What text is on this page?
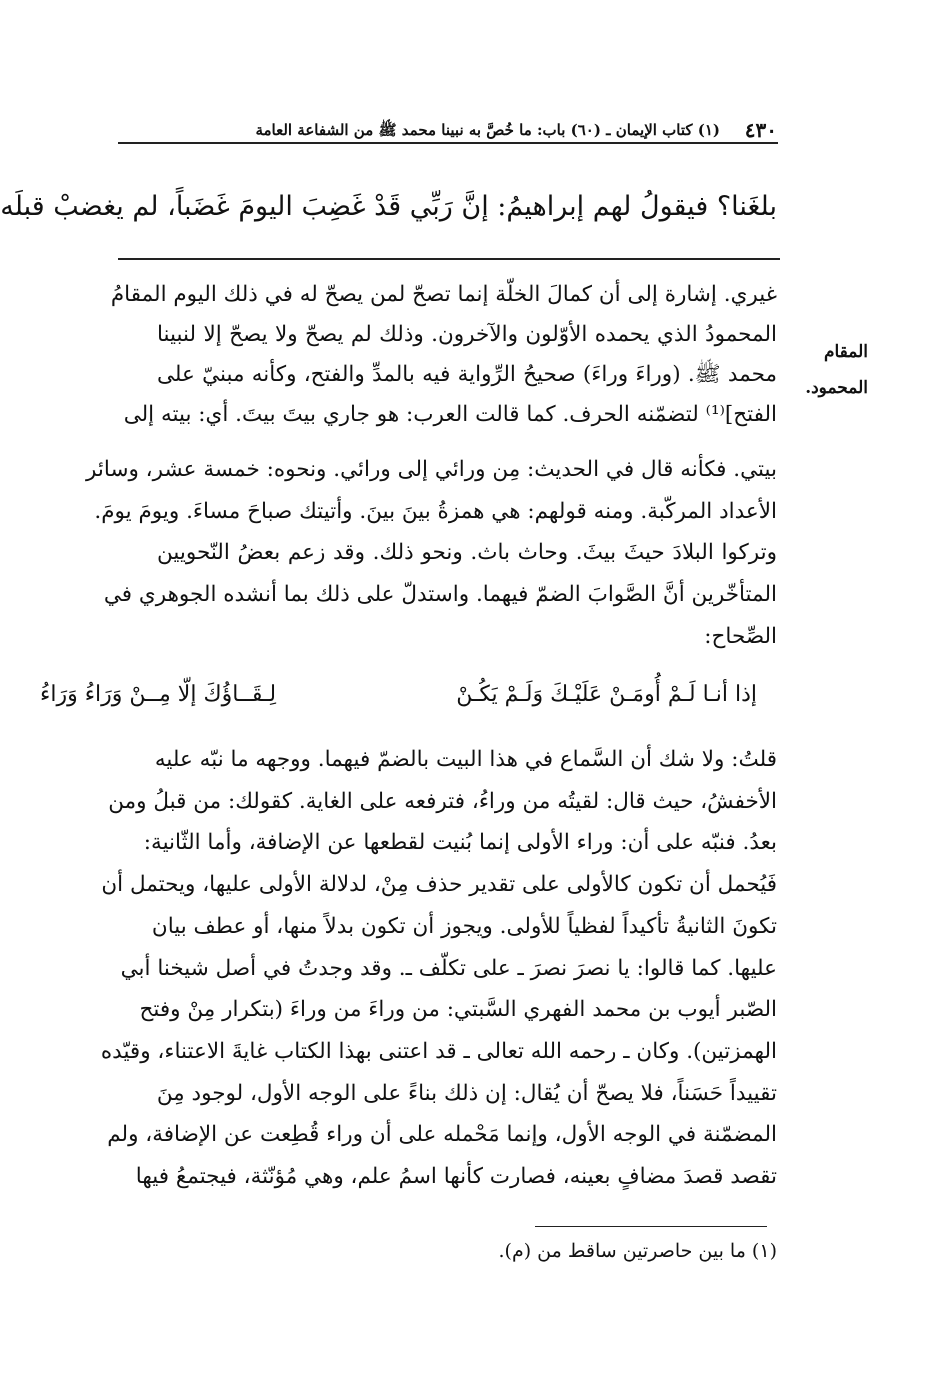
٤٣٠
(١) كتاب الإيمان ـ (٦٠) باب: ما خُصَّ به نبينا محمد ﷺ من الشفاعة العامة
بلغَنا؟ فيقولُ لهم إبراهيمُ: إنَّ رَبِّي قَدْ غَضِبَ اليومَ غَضَباً، لم يغضبْ قبلَه
غيري. إشارة إلى أن كمالَ الخلّة إنما تصحّ لمن يصحّ له في ذلك اليوم المقامُ
المحمودُ الذي يحمده الأوّلون والآخرون. وذلك لم يصحّ ولا يصحّ إلا لنبينا
محمد ﷺ. (وراءَ وراءَ) صحيحُ الرِّواية فيه بالمدِّ والفتح، وكأنه مبنيّ على
الفتح]⁽¹⁾ لتضمّنه الحرف. كما قالت العرب: هو جاري بيتَ بيتَ. أي: بيته إلى
بيتي. فكأنه قال في الحديث: مِن ورائي إلى ورائي. ونحوه: خمسة عشر، وسائر
الأعداد المركّبة. ومنه قولهم: هي همزةُ بينَ بينَ. وأتيتك صباحَ مساءَ. ويومَ يومَ.
وتركوا البلادَ حيثَ بيثَ. وحاث باث. ونحو ذلك. وقد زعم بعضُ النّحويين
المتأخّرين أنَّ الصَّوابَ الضمّ فيهما. واستدلّ على ذلك بما أنشده الجوهري في
الصِّحاح:
المقام
المحمود.
إذا أنـا لَـمْ أُومَـنْ عَلَيْـكَ وَلَـمْ يَكُـنْ
لِـقَــاؤُكَ إلّا مِــنْ وَرَاءُ وَرَاءُ
قلتُ: ولا شك أن السَّماع في هذا البيت بالضمّ فيهما. ووجهه ما نبّه عليه
الأخفشُ، حيث قال: لقيتُه من وراءُ، فترفعه على الغاية. كقولك: من قبلُ ومن
بعدُ. فنبّه على أن: وراء الأولى إنما بُنيت لقطعها عن الإضافة، وأما الثّانية:
فَيُحمل أن تكون كالأولى على تقدير حذف مِنْ، لدلالة الأولى عليها، ويحتمل أن
تكونَ الثانيةُ تأكيداً لفظياً للأولى. ويجوز أن تكون بدلاً منها، أو عطف بيان
عليها. كما قالوا: يا نصرَ نصرَ ـ على تكلّف ـ. وقد وجدتُ في أصل شيخنا أبي
الصّبر أيوب بن محمد الفهري السَّبتي: من وراءَ من وراءَ (بتكرار مِنْ وفتح
الهمزتين). وكان ـ رحمه الله تعالى ـ قد اعتنى بهذا الكتاب غايةَ الاعتناء، وقيّده
تقييداً حَسَناً، فلا يصحّ أن يُقال: إن ذلك بناءً على الوجه الأول، لوجود مِنَ
المضمّنة في الوجه الأول، وإنما مَحْمله على أن وراء قُطِعت عن الإضافة، ولم
تقصد قصدَ مضافٍ بعينه، فصارت كأنها اسمُ علم، وهي مُؤنّثة، فيجتمعُ فيها
(١) ما بين حاصرتين ساقط من (م).
